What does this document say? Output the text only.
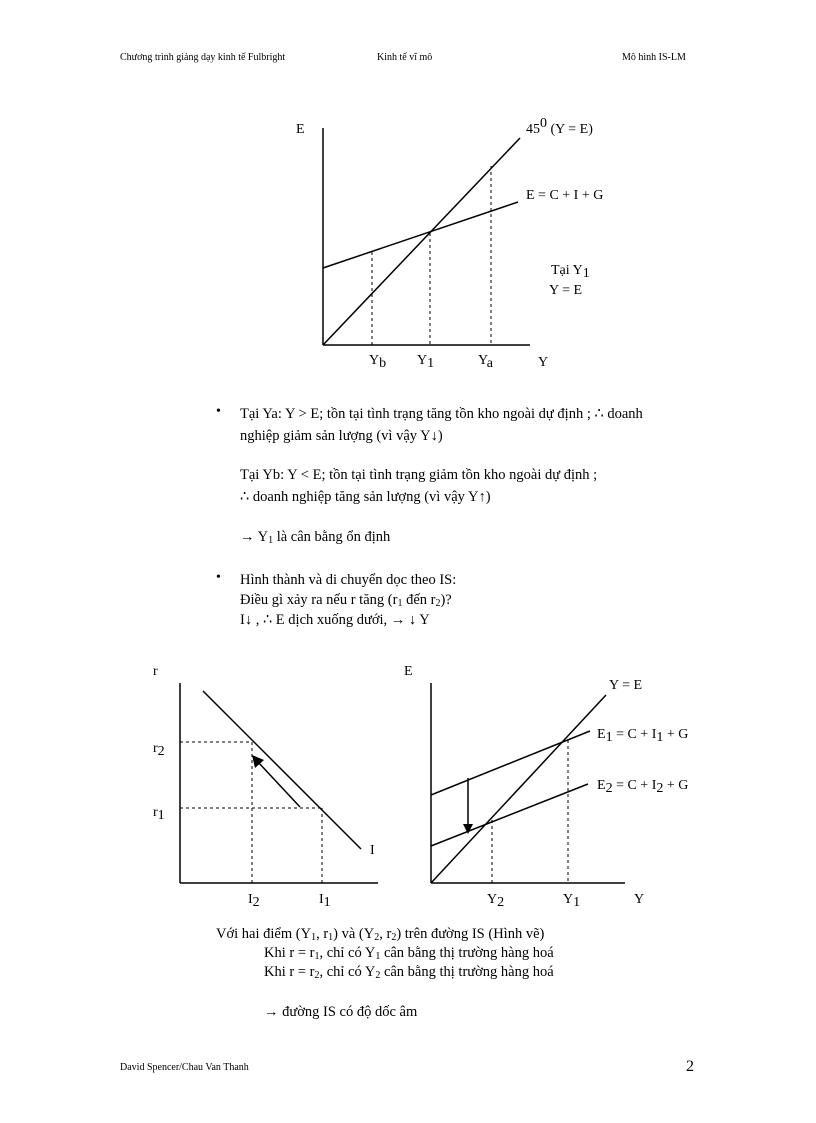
Chương trình giảng dạy kinh tế Fulbright	Kinh tế vĩ mô	Mô hình IS-LM
E
Y
450 (Y = E)
E = C + I + G
Tại Y1
Y = E
Yb Y1	Ya
r
I
r2
r1
I2	I1
E
Y
Y = E
E1 = C + I1 + G
E2 = C + I2 + G
Y2	Y1
• Tại Ya: Y > E; tồn tại tình trạng tăng tồn kho ngoài dự định ; ∴ doanh
nghiệp giảm sản lượng (vì vậy Y↓)
Tại Yb: Y < E; tồn tại tình trạng giảm tồn kho ngoài dự định ;
∴ doanh nghiệp tăng sản lượng (vì vậy Y↑)
→ $Y_1$ là cân bằng ổn định
• Hình thành và di chuyển dọc theo IS:
Điều gì xảy ra nếu r tăng ($r_1$ đến $r_2$)?
I↓ , ∴ E dịch xuống dưới, → ↓ Y
Với hai điểm ($Y_1$, $r_1$) và ($Y_2$, $r_2$) trên đường IS (Hình vẽ)
Khi $r = r_1$, chỉ có $Y_1$ cân bằng thị trường hàng hoá
Khi $r = r_2$, chỉ có $Y_2$ cân bằng thị trường hàng hoá
→ đường IS có độ dốc âm
David Spencer/Chau Van Thanh	2
